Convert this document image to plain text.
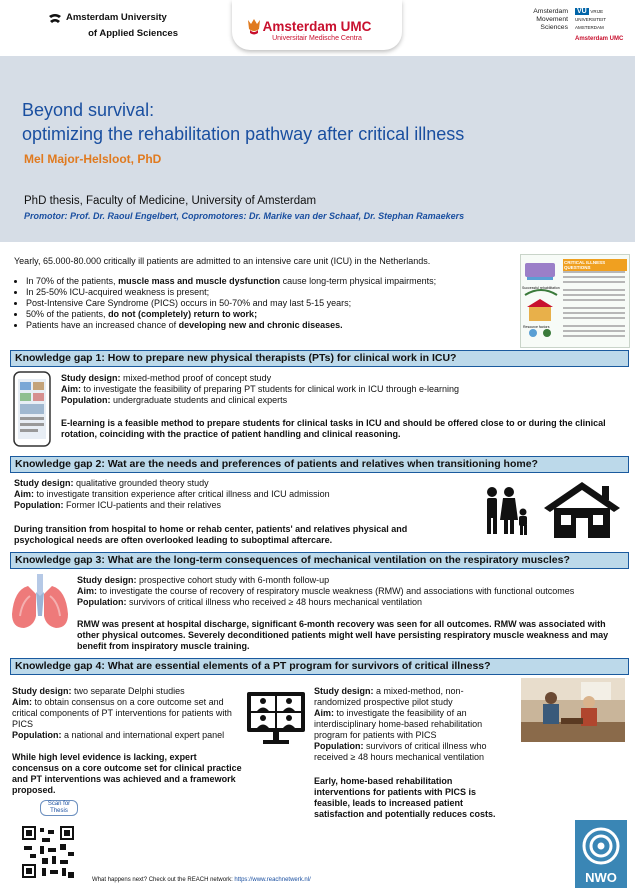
Amsterdam University
of Applied Sciences	Amsterdam UMC
Universitair Medische Centra
Amsterdam
Movement
Sciences
VU VRIJE UNIVERSITEIT AMSTERDAM
Amsterdam UMC
Beyond survival:
optimizing the rehabilitation pathway after critical illness
Mel Major-Helsloot, PhD
PhD thesis, Faculty of Medicine, University of Amsterdam
Promotor: Prof. Dr. Raoul Engelbert, Copromotores: Dr. Marike van der Schaaf, Dr. Stephan Ramaekers
Yearly, 65.000-80.000 critically ill patients are admitted to an intensive care unit (ICU) in the Netherlands.
• In 70% of the patients, muscle mass and muscle dysfunction cause long-term physical impairments;
• In 25-50% ICU-acquired weakness is present;
• Post-Intensive Care Syndrome (PICS) occurs in 50-70% and may last 5-15 years;
• 50% of the patients, do not (completely) return to work;
• Patients have an increased chance of developing new and chronic diseases.
CRITICAL ILLNESS QUESTIONS
Successful rehabilitation
Resource factors
Knowledge gap 1: How to prepare new physical therapists (PTs) for clinical work in ICU?
Study design: mixed-method proof of concept study
Aim: to investigate the feasibility of preparing PT students for clinical work in ICU through e-learning
Population: undergraduate students and clinical experts
E-learning is a feasible method to prepare students for clinical tasks in ICU and should be offered close to or during the clinical rotation, coinciding with the practice of patient handling and clinical reasoning.
Knowledge gap 2: Wat are the needs and preferences of patients and relatives when transitioning home?
Study design: qualitative grounded theory study
Aim: to investigate transition experience after critical illness and ICU admission
Population: Former ICU-patients and their relatives
During transition from hospital to home or rehab center, patients' and relatives physical and psychological needs are often overlooked leading to suboptimal aftercare.
Knowledge gap 3: What are the long-term consequences of mechanical ventilation on the respiratory muscles?
Study design: prospective cohort study with 6-month follow-up
Aim: to investigate the course of recovery of respiratory muscle weakness (RMW) and associations with functional outcomes
Population: survivors of critical illness who received ≥ 48 hours mechanical ventilation
RMW was present at hospital discharge, significant 6-month recovery was seen for all outcomes. RMW was associated with other physical outcomes. Severely deconditioned patients might well have persisting respiratory muscle weakness and may benefit from inspiratory muscle training.
Knowledge gap 4: What are essential elements of a PT program for survivors of critical illness?
Study design: two separate Delphi studies
Aim: to obtain consensus on a core outcome set and critical components of PT interventions for patients with PICS
Population: a national and international expert panel
While high level evidence is lacking, expert concensus on a core outcome set for clinical practice and PT interventions was achieved and a framework proposed.
Study design: a mixed-method, non-randomized prospective pilot study
Aim: to investigate the feasibility of an interdisciplinary home-based rehabilitation program for patients with PICS
Population: survivors of critical illness who received ≥ 48 hours mechanical ventilation
Early, home-based rehabilitation interventions for patients with PICS is feasible, leads to increased patient satisfaction and potentially reduces costs.
Scan for Thesis
What happens next? Check out the REACH network: https://www.reachnetwerk.nl/	NWO
